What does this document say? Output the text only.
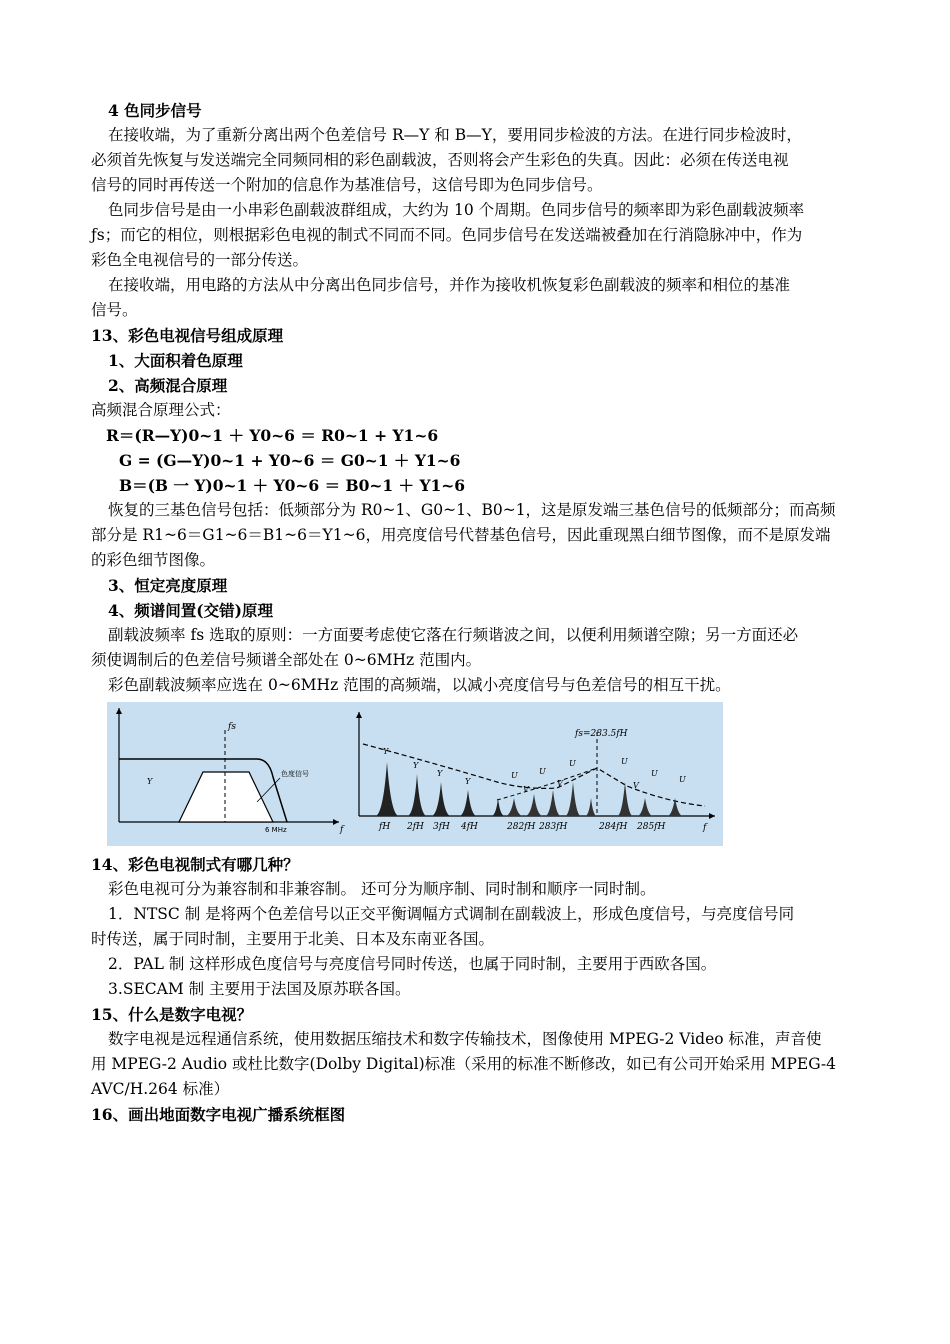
4 色同步信号
在接收端，为了重新分离出两个色差信号 R—Y 和 B—Y，要用同步检波的方法。在进行同步检波时，
必须首先恢复与发送端完全同频同相的彩色副载波，否则将会产生彩色的失真。因此：必须在传送电视
信号的同时再传送一个附加的信息作为基准信号，这信号即为色同步信号。
色同步信号是由一小串彩色副载波群组成，大约为 10 个周期。色同步信号的频率即为彩色副载波频率
ƒs；而它的相位，则根据彩色电视的制式不同而不同。色同步信号在发送端被叠加在行消隐脉冲中，作为
彩色全电视信号的一部分传送。
在接收端，用电路的方法从中分离出色同步信号，并作为接收机恢复彩色副载波的频率和相位的基准
信号。
13、彩色电视信号组成原理
1、大面积着色原理
2、高频混合原理
高频混合原理公式：
R＝(R—Y)0~1 ＋ Y0~6 ＝ R0~1 + Y1~6
G = (G—Y)0~1 + Y0~6 ＝ G0~1 ＋ Y1~6
B＝(B 一 Y)0~1 ＋ Y0~6 ＝ B0~1 ＋ Y1~6
恢复的三基色信号包括：低频部分为 R0~1、G0~1、B0~1，这是原发端三基色信号的低频部分；而高频
部分是 R1~6＝G1~6＝B1~6＝Y1~6，用亮度信号代替基色信号，因此重现黑白细节图像，而不是原发端
的彩色细节图像。
3、恒定亮度原理
4、频谱间置(交错)原理
副载波频率 fs 选取的原则：一方面要考虑使它落在行频谐波之间，以便利用频谱空隙；另一方面还必
须使调制后的色差信号频谱全部处在 0~6MHz 范围内。
彩色副载波频率应选在 0~6MHz 范围的高频端，以减小亮度信号与色差信号的相互干扰。
fs
Y
色度信号
6 MHz	f
fs=283.5fH
Y
Y
Y
Y
U	U
U	U
U
U
V
V	V
fH 2fH 3fH 4fH	282fH 283fH	284fH 285fH	f
14、彩色电视制式有哪几种？
彩色电视可分为兼容制和非兼容制。 还可分为顺序制、同时制和顺序一同时制。
1．NTSC 制 是将两个色差信号以正交平衡调幅方式调制在副载波上，形成色度信号，与亮度信号同
时传送，属于同时制，主要用于北美、日本及东南亚各国。
2．PAL 制 这样形成色度信号与亮度信号同时传送，也属于同时制，主要用于西欧各国。
3.SECAM 制 主要用于法国及原苏联各国。
15、什么是数字电视？
数字电视是远程通信系统，使用数据压缩技术和数字传输技术，图像使用 MPEG-2 Video 标准，声音使
用 MPEG-2 Audio 或杜比数字(Dolby Digital)标准（采用的标准不断修改，如已有公司开始采用 MPEG-4
AVC/H.264 标准）
16、画出地面数字电视广播系统框图
